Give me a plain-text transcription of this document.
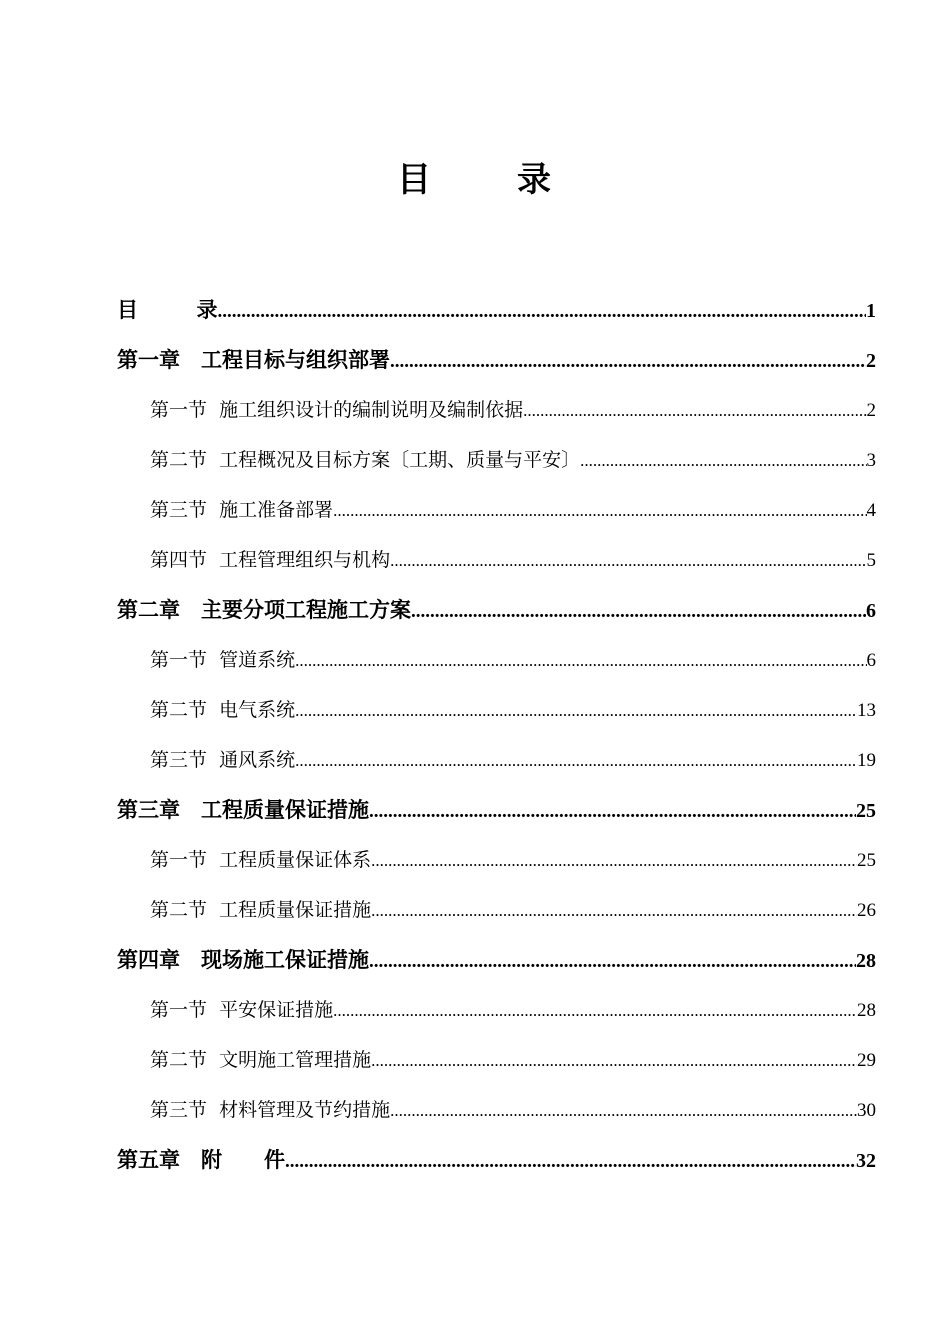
目 录
目        录 .....	1
第一章　工程目标与组织部署 .....	2
第一节  施工组织设计的编制说明及编制依据 .....	2
第二节  工程概况及目标方案〔工期、质量与平安〕 .....	3
第三节  施工准备部署 .....	4
第四节  工程管理组织与机构 .....	5
第二章　主要分项工程施工方案 .....	6
第一节  管道系统 .....	6
第二节  电气系统 .....	13
第三节  通风系统 .....	19
第三章　工程质量保证措施 .....	25
第一节  工程质量保证体系 .....	25
第二节  工程质量保证措施 .....	26
第四章　现场施工保证措施 .....	28
第一节  平安保证措施 .....	28
第二节  文明施工管理措施 .....	29
第三节  材料管理及节约措施 .....	30
第五章　附　　件 .....	32
